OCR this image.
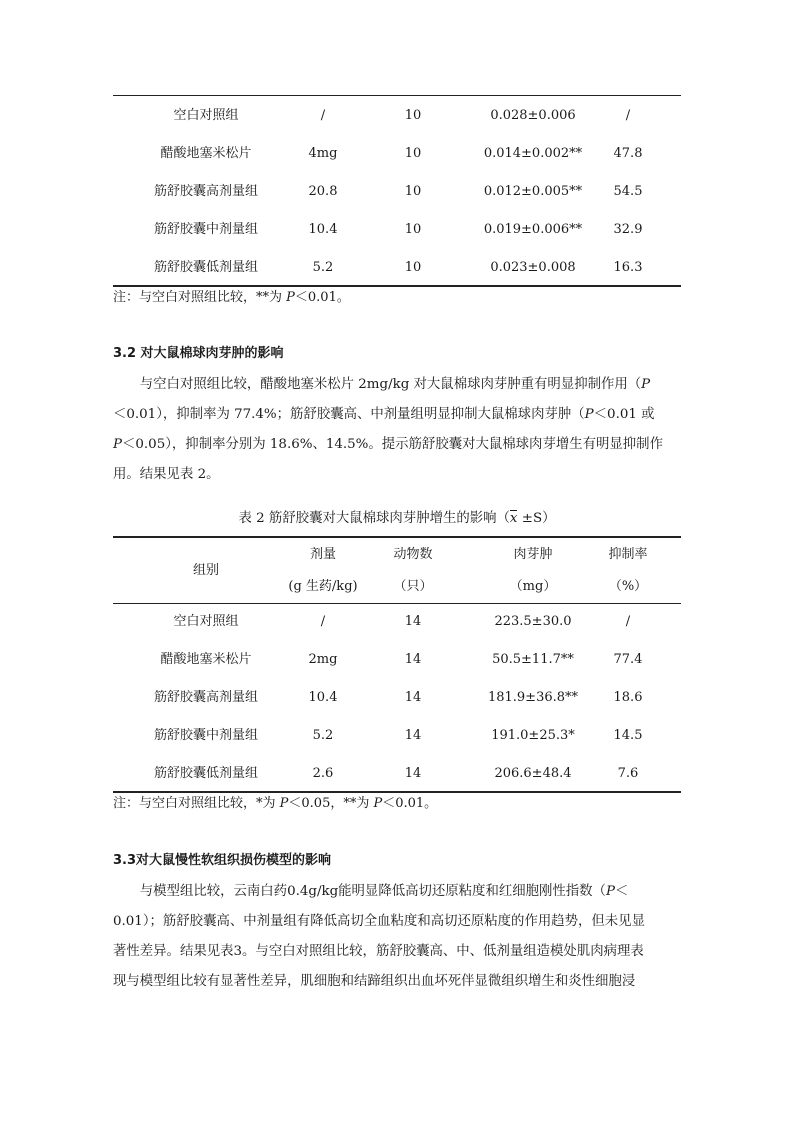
空白对照组	/	10	0.028±0.006	/
醋酸地塞米松片	4mg	10	0.014±0.002**	47.8
筋舒胶囊高剂量组	20.8	10	0.012±0.005**	54.5
筋舒胶囊中剂量组	10.4	10	0.019±0.006**	32.9
筋舒胶囊低剂量组	5.2	10	0.023±0.008	16.3
注：与空白对照组比较，**为 P＜0.01。
3.2 对大鼠棉球肉芽肿的影响
　　与空白对照组比较，醋酸地塞米松片 2mg/kg 对大鼠棉球肉芽肿重有明显抑制作用（P
＜0.01），抑制率为 77.4%；筋舒胶囊高、中剂量组明显抑制大鼠棉球肉芽肿（P＜0.01 或
P＜0.05），抑制率分别为 18.6%、14.5%。提示筋舒胶囊对大鼠棉球肉芽增生有明显抑制作
用。结果见表 2。
表 2 筋舒胶囊对大鼠棉球肉芽肿增生的影响（x ±S）
组别
剂量	动物数	肉芽肿	抑制率
(g 生药/kg)	（只）	（mg）	（%）
空白对照组	/	14	223.5±30.0	/
醋酸地塞米松片	2mg	14	50.5±11.7**	77.4
筋舒胶囊高剂量组	10.4	14	181.9±36.8**	18.6
筋舒胶囊中剂量组	5.2	14	191.0±25.3*	14.5
筋舒胶囊低剂量组	2.6	14	206.6±48.4	7.6
注：与空白对照组比较，*为 P＜0.05，**为 P＜0.01。
3.3对大鼠慢性软组织损伤模型的影响
　　与模型组比较，云南白药0.4g/kg能明显降低高切还原粘度和红细胞刚性指数（P＜
0.01）；筋舒胶囊高、中剂量组有降低高切全血粘度和高切还原粘度的作用趋势，但未见显
著性差异。结果见表3。与空白对照组比较，筋舒胶囊高、中、低剂量组造模处肌肉病理表
现与模型组比较有显著性差异，肌细胞和结蹄组织出血坏死伴显微组织增生和炎性细胞浸
